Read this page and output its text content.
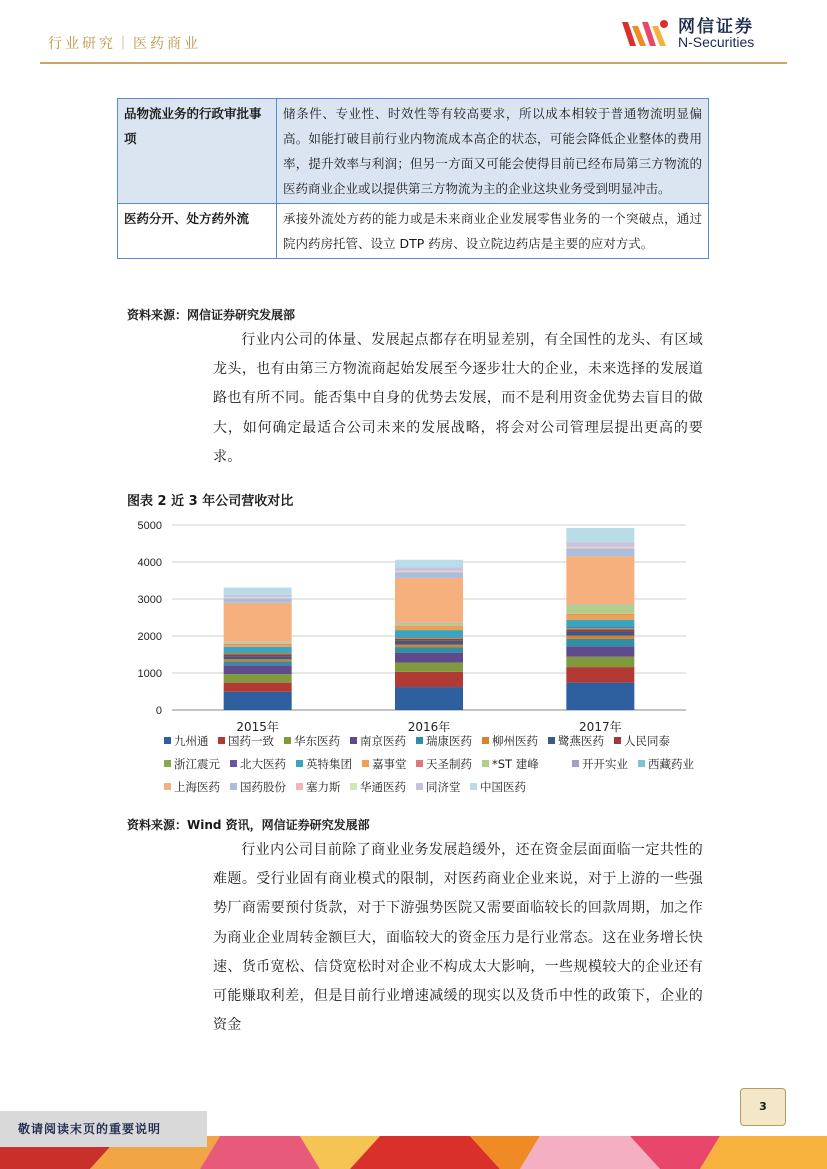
行业研究｜医药商业
网信证券
N-Securities
品物流业务的行政审批事项	储条件、专业性、时效性等有较高要求，所以成本相较于普通物流明显偏高。如能打破目前行业内物流成本高企的状态，可能会降低企业整体的费用率，提升效率与利润；但另一方面又可能会使得目前已经布局第三方物流的医药商业企业或以提供第三方物流为主的企业这块业务受到明显冲击。
医药分开、处方药外流	承接外流处方药的能力或是未来商业企业发展零售业务的一个突破点，通过院内药房托管、设立 DTP 药房、设立院边药店是主要的应对方式。
资料来源：网信证券研究发展部
行业内公司的体量、发展起点都存在明显差别，有全国性的龙头、有区域龙头，也有由第三方物流商起始发展至今逐步壮大的企业，未来选择的发展道路也有所不同。能否集中自身的优势去发展，而不是利用资金优势去盲目的做大，如何确定最适合公司未来的发展战略，将会对公司管理层提出更高的要求。
图表 2 近 3 年公司营收对比
0
1000
2000
3000
4000
5000
2015年	2016年	2017年
九州通 国药一致 华东医药 南京医药 瑞康医药 柳州医药 鹭燕医药 人民同泰
浙江震元 北大医药 英特集团 嘉事堂 天圣制药 *ST 建峰	开开实业 西藏药业
上海医药 国药股份 塞力斯 华通医药 同济堂 中国医药
资料来源：Wind 资讯，网信证券研究发展部
行业内公司目前除了商业业务发展趋缓外，还在资金层面面临一定共性的难题。受行业固有商业模式的限制，对医药商业企业来说，对于上游的一些强势厂商需要预付货款，对于下游强势医院又需要面临较长的回款周期，加之作为商业企业周转金额巨大，面临较大的资金压力是行业常态。这在业务增长快速、货币宽松、信贷宽松时对企业不构成太大影响，一些规模较大的企业还有可能赚取利差，但是目前行业增速减缓的现实以及货币中性的政策下，企业的资金
3
敬请阅读末页的重要说明
